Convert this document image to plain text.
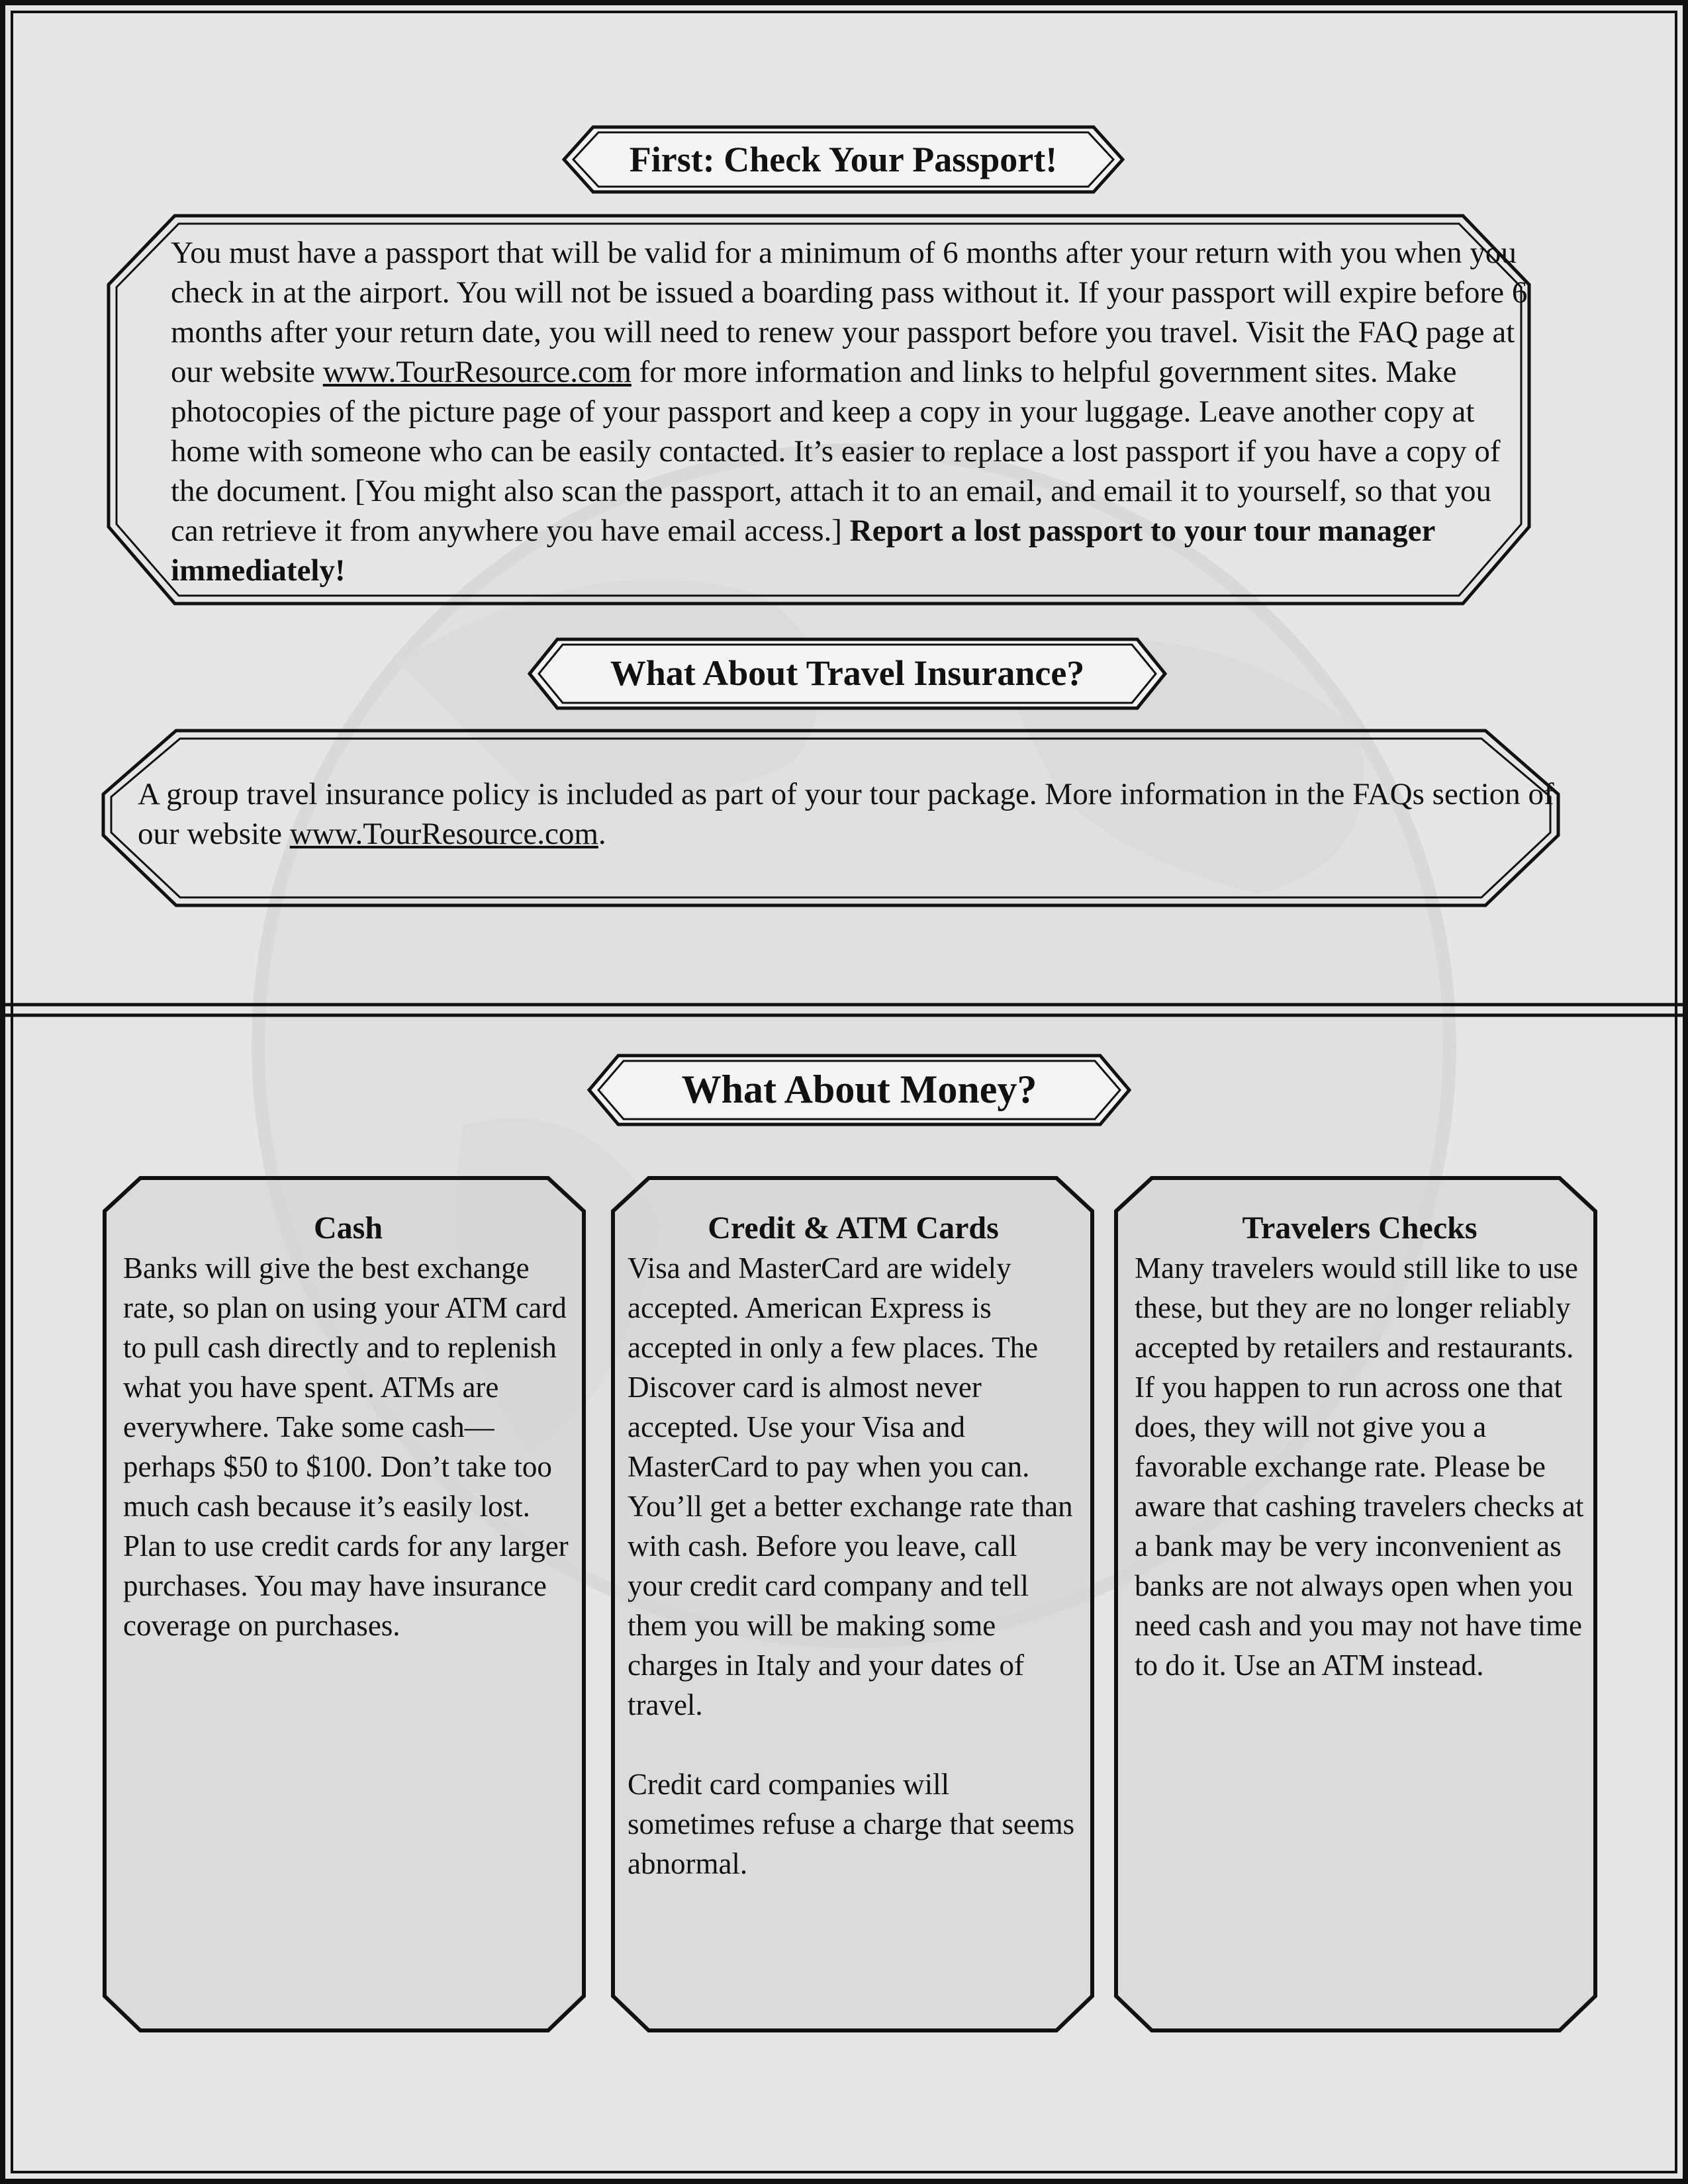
First: Check Your Passport!
You must have a passport that will be valid for a minimum of 6 months after your return with you when you check in at the airport. You will not be issued a boarding pass without it. If your passport will expire before 6 months after your return date, you will need to renew your passport before you travel. Visit the FAQ page at our website www.TourResource.com for more information and links to helpful government sites. Make photocopies of the picture page of your passport and keep a copy in your luggage. Leave another copy at home with someone who can be easily contacted. It’s easier to replace a lost passport if you have a copy of the document. [You might also scan the passport, attach it to an email, and email it to yourself, so that you can retrieve it from anywhere you have email access.] Report a lost passport to your tour manager immediately!
What About Travel Insurance?
A group travel insurance policy is included as part of your tour package. More information in the FAQs section of our website www.TourResource.com.
What About Money?
Cash
Banks will give the best exchange rate, so plan on using your ATM card to pull cash directly and to replenish what you have spent. ATMs are everywhere. Take some cash—perhaps $50 to $100. Don’t take too much cash because it’s easily lost. Plan to use credit cards for any larger purchases. You may have insurance coverage on purchases.
Credit & ATM Cards
Visa and MasterCard are widely accepted. American Express is accepted in only a few places. The Discover card is almost never accepted. Use your Visa and MasterCard to pay when you can. You’ll get a better exchange rate than with cash. Before you leave, call your credit card company and tell them you will be making some charges in Italy and your dates of travel.
Credit card companies will sometimes refuse a charge that seems abnormal.
Travelers Checks
Many travelers would still like to use these, but they are no longer reliably accepted by retailers and restaurants. If you happen to run across one that does, they will not give you a favorable exchange rate. Please be aware that cashing travelers checks at a bank may be very inconvenient as banks are not always open when you need cash and you may not have time to do it. Use an ATM instead.
